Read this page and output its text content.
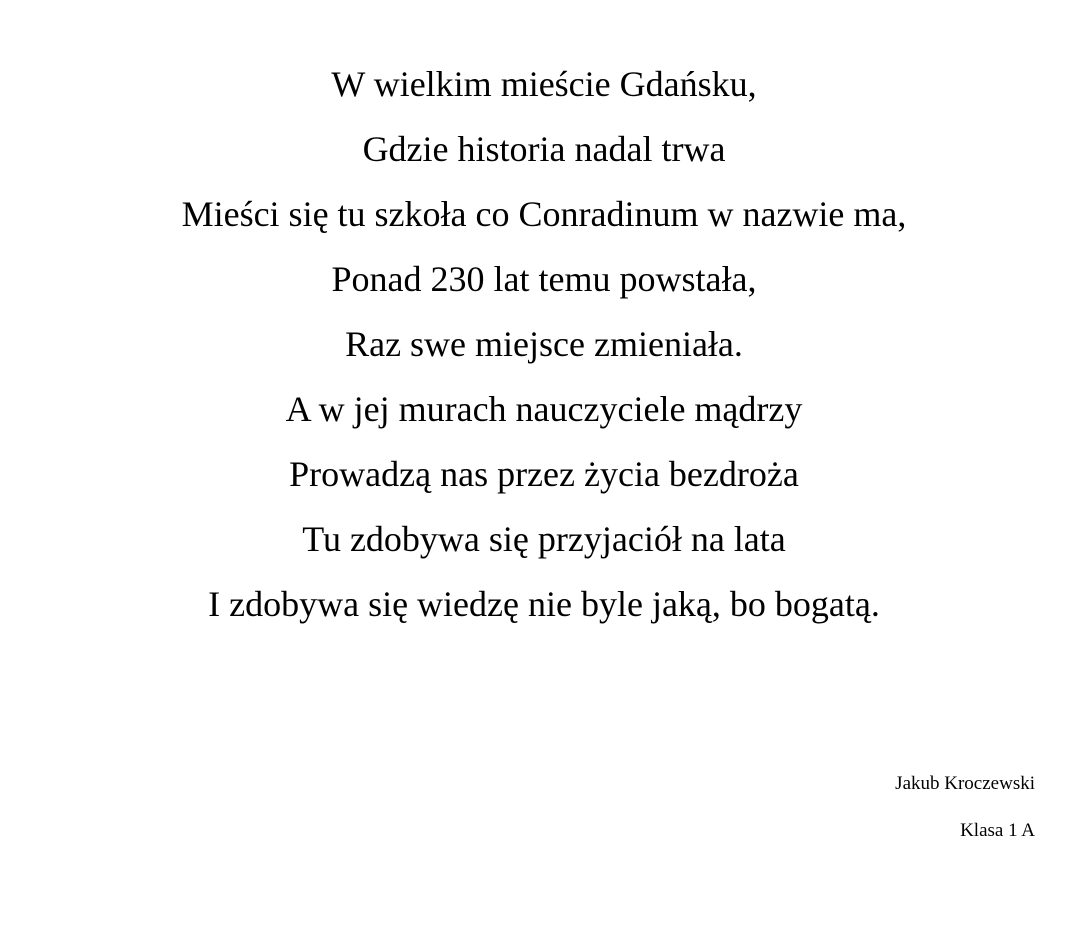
W wielkim mieście Gdańsku,
Gdzie historia nadal trwa
Mieści się tu szkoła co Conradinum w nazwie ma,
Ponad 230 lat temu powstała,
Raz swe miejsce zmieniała.
A w jej murach nauczyciele mądrzy
Prowadzą nas przez życia bezdroża
Tu zdobywa się przyjaciół na lata
I zdobywa się wiedzę nie byle jaką, bo bogatą.
Jakub Kroczewski
Klasa 1 A
